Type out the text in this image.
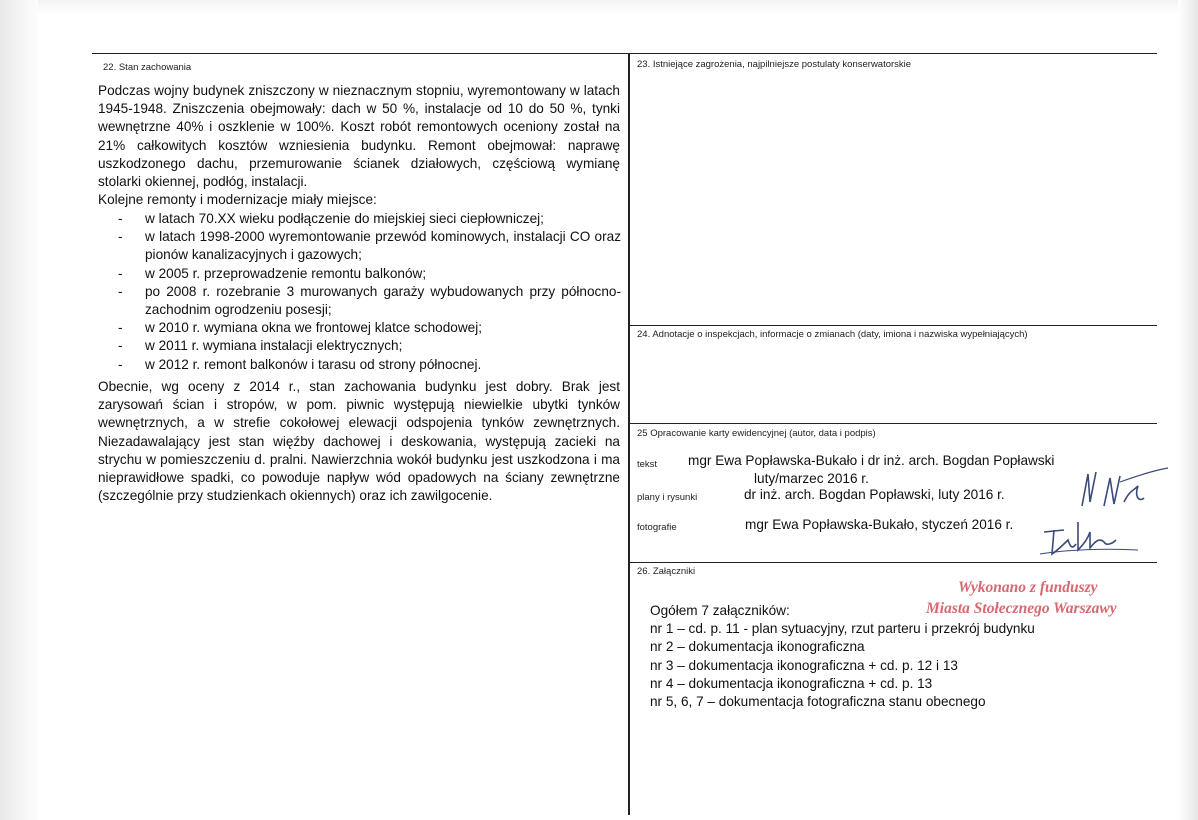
22. Stan zachowania

Podczas wojny budynek zniszczony w nieznacznym stopniu, wyremontowany w latach 1945-1948. Zniszczenia obejmowały: dach w 50 %, instalacje od 10 do 50 %, tynki wewnętrzne 40% i oszklenie w 100%. Koszt robót remontowych oceniony został na 21% całkowitych kosztów wzniesienia budynku. Remont obejmował: naprawę uszkodzonego dachu, przemurowanie ścianek działowych, częściową wymianę stolarki okiennej, podłóg, instalacji.

Kolejne remonty i modernizacje miały miejsce:

- w latach 70.XX wieku podłączenie do miejskiej sieci ciepłowniczej;
- w latach 1998-2000 wyremontowanie przewód kominowych, instalacji CO oraz pionów kanalizacyjnych i gazowych;
- w 2005 r. przeprowadzenie remontu balkonów;
- po 2008 r. rozebranie 3 murowanych garaży wybudowanych przy północno-zachodnim ogrodzeniu posesji;
- w 2010 r. wymiana okna we frontowej klatce schodowej;
- w 2011 r. wymiana instalacji elektrycznych;
- w 2012 r. remont balkonów i tarasu od strony północnej.
Obecnie, wg oceny z 2014 r., stan zachowania budynku jest dobry. Brak jest zarysowań ścian i stropów, w pom. piwnic występują niewielkie ubytki tynków wewnętrznych, a w strefie cokołowej elewacji odspojenia tynków zewnętrznych. Niezadawalający jest stan więźby dachowej i deskowania, występują zacieki na strychu w pomieszczeniu d. pralni. Nawierzchnia wokół budynku jest uszkodzona i ma nieprawidłowe spadki, co powoduje napływ wód opadowych na ściany zewnętrzne (szczególnie przy studzienkach okiennych) oraz ich zawilgocenie.
23. Istniejące zagrożenia, najpilniejsze postulaty konserwatorskie
24. Adnotacje o inspekcjach, informacje o zmianach (daty, imiona i nazwiska wypełniających)
25 Opracowanie karty ewidencyjnej (autor, data i podpis)
tekst mgr Ewa Popławska-Bukało i dr inż. arch. Bogdan Popławski
luty/marzec 2016 r.
plany i rysunki	dr inż. arch. Bogdan Popławski, luty 2016 r.
fotografie	mgr Ewa Popławska-Bukało, styczeń 2016 r.
26. Załączniki
Wykonano z funduszy
Miasta Stołecznego Warszawy
Ogółem 7 załączników:
nr 1 – cd. p. 11 - plan sytuacyjny, rzut parteru i przekrój budynku
nr 2 – dokumentacja ikonograficzna
nr 3 – dokumentacja ikonograficzna + cd. p. 12 i 13
nr 4 – dokumentacja ikonograficzna + cd. p. 13
nr 5, 6, 7 – dokumentacja fotograficzna stanu obecnego
